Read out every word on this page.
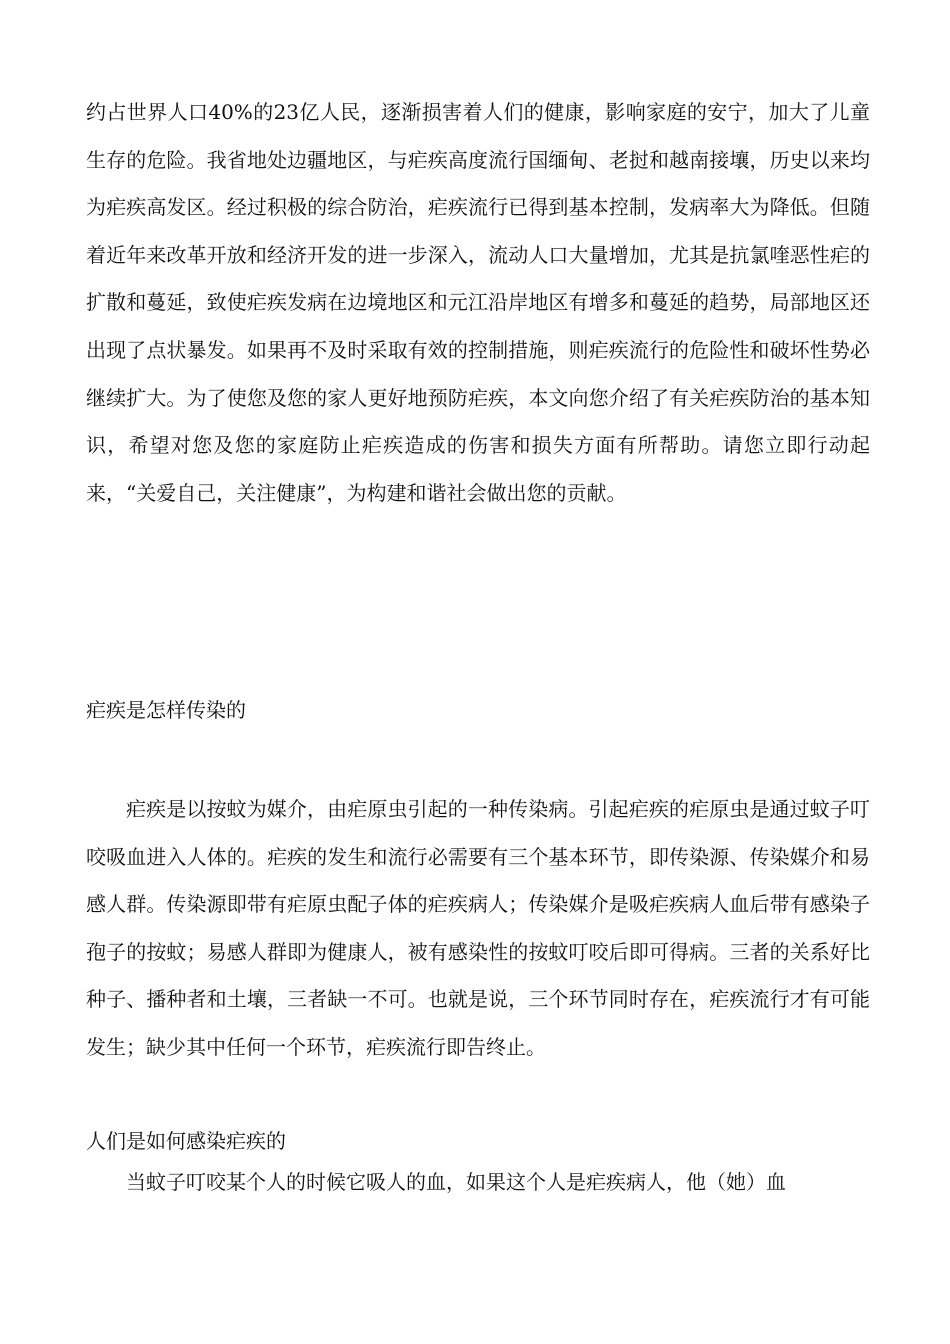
约占世界人口40%的23亿人民，逐渐损害着人们的健康，影响家庭的安宁，加大了儿童生存的危险。我省地处边疆地区，与疟疾高度流行国缅甸、老挝和越南接壤，历史以来均为疟疾高发区。经过积极的综合防治，疟疾流行已得到基本控制，发病率大为降低。但随着近年来改革开放和经济开发的进一步深入，流动人口大量增加，尤其是抗氯喹恶性疟的扩散和蔓延，致使疟疾发病在边境地区和元江沿岸地区有增多和蔓延的趋势，局部地区还出现了点状暴发。如果再不及时采取有效的控制措施，则疟疾流行的危险性和破坏性势必继续扩大。为了使您及您的家人更好地预防疟疾，本文向您介绍了有关疟疾防治的基本知识，希望对您及您的家庭防止疟疾造成的伤害和损失方面有所帮助。请您立即行动起来，“关爱自己，关注健康”，为构建和谐社会做出您的贡献。

疟疾是怎样传染的

疟疾是以按蚊为媒介，由疟原虫引起的一种传染病。引起疟疾的疟原虫是通过蚊子叮咬吸血进入人体的。疟疾的发生和流行必需要有三个基本环节，即传染源、传染媒介和易感人群。传染源即带有疟原虫配子体的疟疾病人；传染媒介是吸疟疾病人血后带有感染子孢子的按蚊；易感人群即为健康人，被有感染性的按蚊叮咬后即可得病。三者的关系好比种子、播种者和土壤，三者缺一不可。也就是说，三个环节同时存在，疟疾流行才有可能发生；缺少其中任何一个环节，疟疾流行即告终止。

人们是如何感染疟疾的

当蚊子叮咬某个人的时候它吸人的血，如果这个人是疟疾病人，他（她）血
